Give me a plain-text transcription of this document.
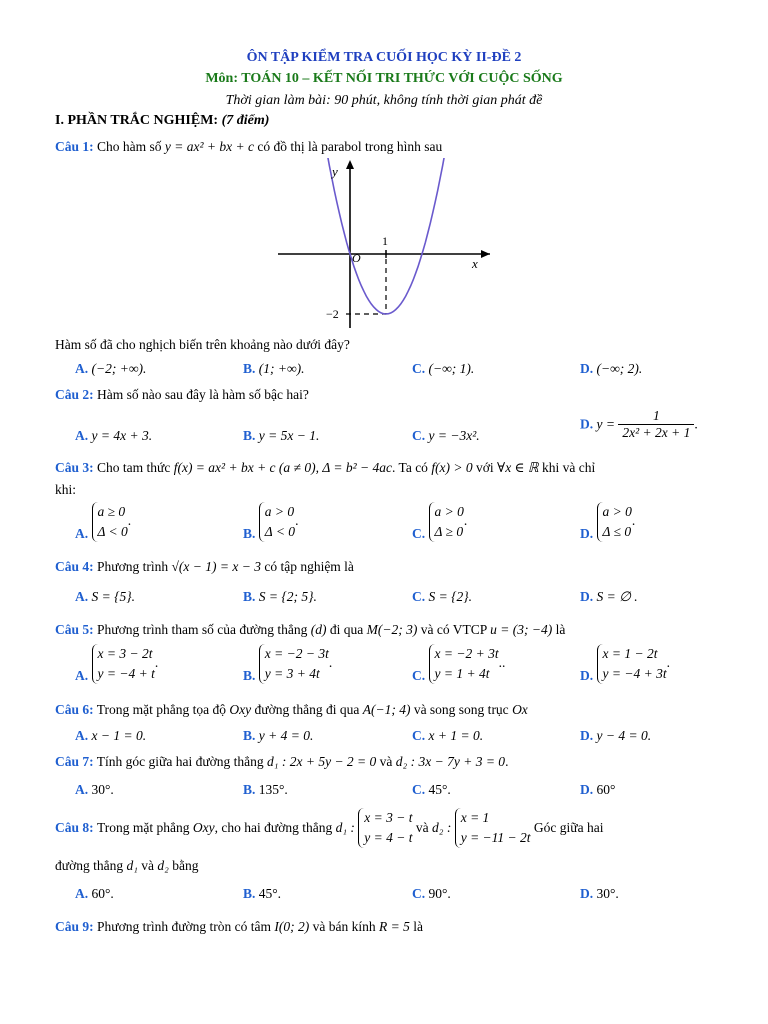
ÔN TẬP KIỂM TRA CUỐI HỌC KỲ II-ĐỀ 2
Môn: TOÁN 10 – KẾT NỐI TRI THỨC VỚI CUỘC SỐNG
Thời gian làm bài: 90 phút, không tính thời gian phát đề
I. PHẦN TRẮC NGHIỆM: (7 điểm)
Câu 1: Cho hàm số y = ax² + bx + c có đồ thị là parabol trong hình sau
y
x
O
1
−2
Hàm số đã cho nghịch biến trên khoảng nào dưới đây?
A. (−2; +∞).	B. (1; +∞).	C. (−∞; 1).	D. (−∞; 2).
Câu 2: Hàm số nào sau đây là hàm số bậc hai?
A. y = 4x + 3.	B. y = 5x − 1.	C. y = −3x².
D. $y = \frac{1}{\text{2x² + 2x + 1}}$ .
Câu 3: Cho tam thức f(x) = ax² + bx + c (a ≠ 0), Δ = b² − 4ac. Ta có f(x) > 0 với ∀x ∈ ℝ khi và chỉ
khi:
A. a ≥ 0
Δ < 0.
B. a > 0
Δ < 0.
C. a > 0
Δ ≥ 0.
D. a > 0
Δ ≤ 0.
Câu 4: Phương trình √(x − 1) = x − 3 có tập nghiệm là
A. S = {5}.	B. S = {2; 5}.	C. S = {2}.	D. S = ∅ .
Câu 5: Phương trình tham số của đường thẳng (d) đi qua M(−2; 3) và có VTCP u = (3; −4) là
A. x = 3 − 2t
y = −4 + t.
B. x = −2 − 3t
y = 3 + 4t.
C. x = −2 + 3t
y = 1 + 4t..
D. x = 1 − 2t
y = −4 + 3t.
Câu 6: Trong mặt phẳng tọa độ Oxy đường thẳng đi qua A(−1; 4) và song song trục Ox
A. x − 1 = 0.	B. y + 4 = 0.	C. x + 1 = 0.	D. y − 4 = 0.
Câu 7: Tính góc giữa hai đường thẳng d₁ : 2x + 5y − 2 = 0 và d₂ : 3x − 7y + 3 = 0.
A. 30°.	B. 135°.	C. 45°.	D. 60°
Câu 8: Trong mặt phẳng Oxy, cho hai đường thẳng d₁ : x = 3 − t
y = 4 − t và d₂ : x = 1
y = −11 − 2t Góc giữa hai
đường thẳng d₁ và d₂ bằng
A. 60°.	B. 45°.	C. 90°.	D. 30°.
Câu 9: Phương trình đường tròn có tâm I(0; 2) và bán kính R = 5 là
